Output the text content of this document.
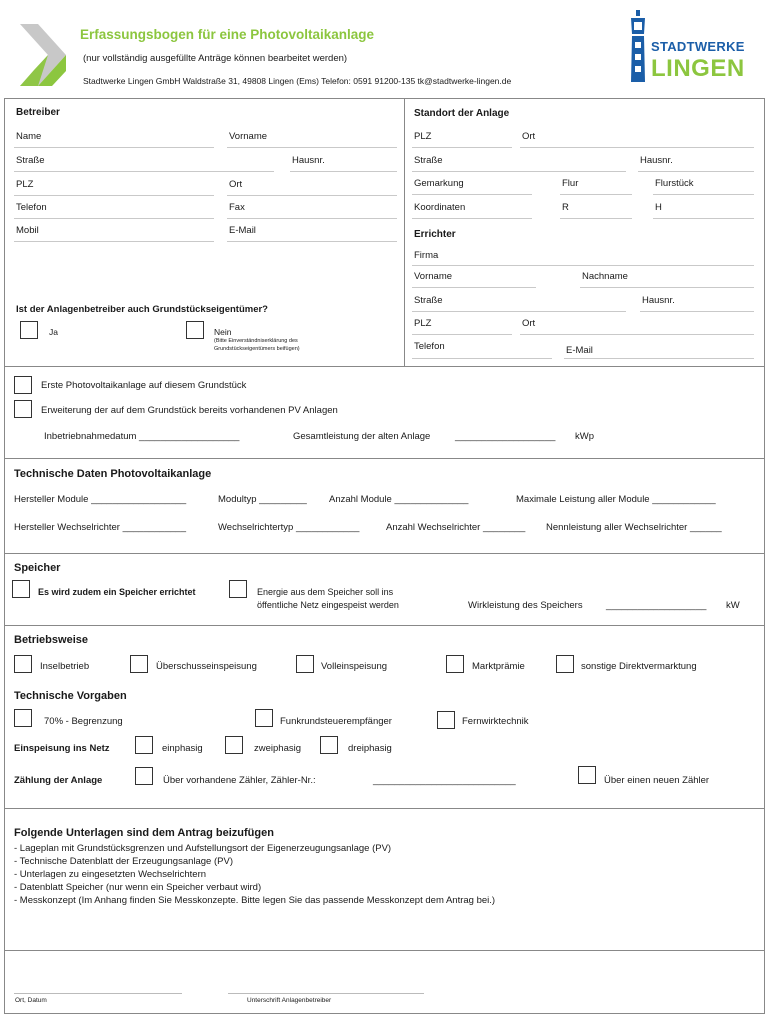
Erfassungsbogen für eine Photovoltaikanlage
(nur vollständig ausgefüllte Anträge können bearbeitet werden)
Stadtwerke Lingen GmbH Waldstraße 31, 49808 Lingen (Ems) Telefon: 0591 91200-135 tk@stadtwerke-lingen.de
STADTWERKE
LINGEN
Betreiber
Name	Vorname
Straße	Hausnr.
PLZ	Ort
Telefon	Fax
Mobil	E-Mail
Ist der Anlagenbetreiber auch Grundstückseigentümer?
Ja	Nein
(Bitte Einverständniserklärung des
Grundstückseigentümers beifügen)
Standort der Anlage
PLZ	Ort
Straße	Hausnr.
Gemarkung	Flur	Flurstück
Koordinaten	R	H
Errichter
Firma
Vorname	Nachname
Straße	Hausnr.
PLZ	Ort
Telefon	E-Mail
Erste Photovoltaikanlage auf diesem Grundstück
Erweiterung der auf dem Grundstück bereits vorhandenen PV Anlagen
Inbetriebnahmedatum ___________________	Gesamtleistung der alten Anlage	___________________ kWp
Technische Daten Photovoltaikanlage
Hersteller Module __________________	Modultyp _________ Anzahl Module ______________	Maximale Leistung aller Module ____________
Hersteller Wechselrichter ____________	Wechselrichtertyp ____________	Anzahl Wechselrichter ________ Nennleistung aller Wechselrichter ______
Speicher
Es wird zudem ein Speicher errichtet	Energie aus dem Speicher soll ins
öffentliche Netz eingespeist werden	Wirkleistung des Speichers ___________________ kW
Betriebsweise
Inselbetrieb	Überschusseinspeisung	Volleinspeisung	Marktprämie	sonstige Direktvermarktung
Technische Vorgaben
70% - Begrenzung	Funkrundsteuerempfänger	Fernwirktechnik
Einspeisung ins Netz	einphasig	zweiphasig	dreiphasig
Zählung der Anlage	Über vorhandene Zähler, Zähler-Nr.:	___________________________	Über einen neuen Zähler
Folgende Unterlagen sind dem Antrag beizufügen
- Lageplan mit Grundstücksgrenzen und Aufstellungsort der Eigenerzeugungsanlage (PV)
- Technische Datenblatt der Erzeugungsanlage (PV)
- Unterlagen zu eingesetzten Wechselrichtern
- Datenblatt Speicher (nur wenn ein Speicher verbaut wird)
- Messkonzept (Im Anhang finden Sie Messkonzepte. Bitte legen Sie das passende Messkonzept dem Antrag bei.)
Ort, Datum	Unterschrift Anlagenbetreiber
